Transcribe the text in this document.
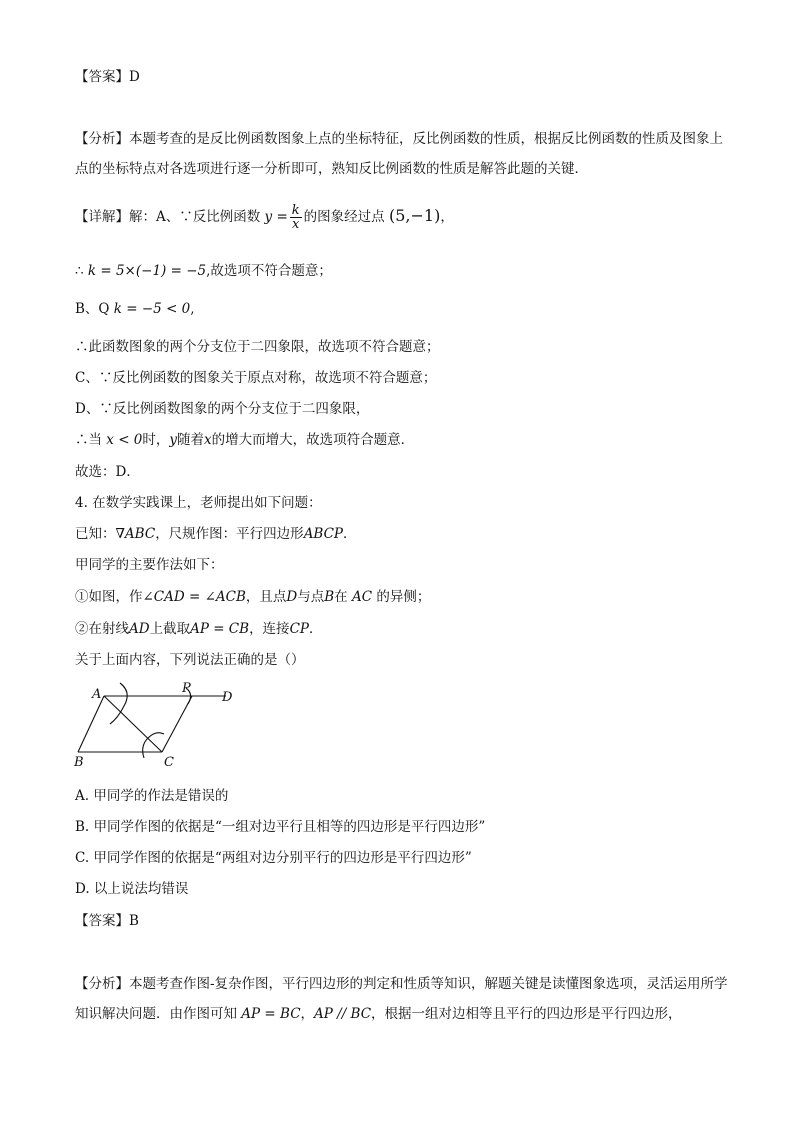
【答案】D
【分析】本题考查的是反比例函数图象上点的坐标特征，反比例函数的性质，根据反比例函数的性质及图象上点的坐标特点对各选项进行逐一分析即可，熟知反比例函数的性质是解答此题的关键．
【详解】解：A、∵反比例函数 $y = \frac{k}{x}$ 的图象经过点 (5,−1)，
∴ k = 5×(−1) = −5,故选项不符合题意；
B、Q k = −5 < 0,
∴此函数图象的两个分支位于二四象限，故选项不符合题意；
C、∵反比例函数的图象关于原点对称，故选项不符合题意；
D、∵反比例函数图象的两个分支位于二四象限，
∴当 x < 0时，y随着x的增大而增大，故选项符合题意．
故选：D．
4. 在数学实践课上，老师提出如下问题：
已知：∇ABC，尺规作图：平行四边形ABCP．
甲同学的主要作法如下：
①如图，作∠CAD = ∠ACB，且点D与点B在 AC 的异侧；
②在射线AD上截取AP = CB，连接CP．
关于上面内容，下列说法正确的是（）
A	P
D
B	C
A. 甲同学的作法是错误的
B. 甲同学作图的依据是“一组对边平行且相等的四边形是平行四边形”
C. 甲同学作图的依据是“两组对边分别平行的四边形是平行四边形”
D. 以上说法均错误
【答案】B
【分析】本题考查作图-复杂作图，平行四边形的判定和性质等知识，解题关键是读懂图象选项，灵活运用所学知识解决问题．由作图可知 AP = BC，AP // BC，根据一组对边相等且平行的四边形是平行四边形，
